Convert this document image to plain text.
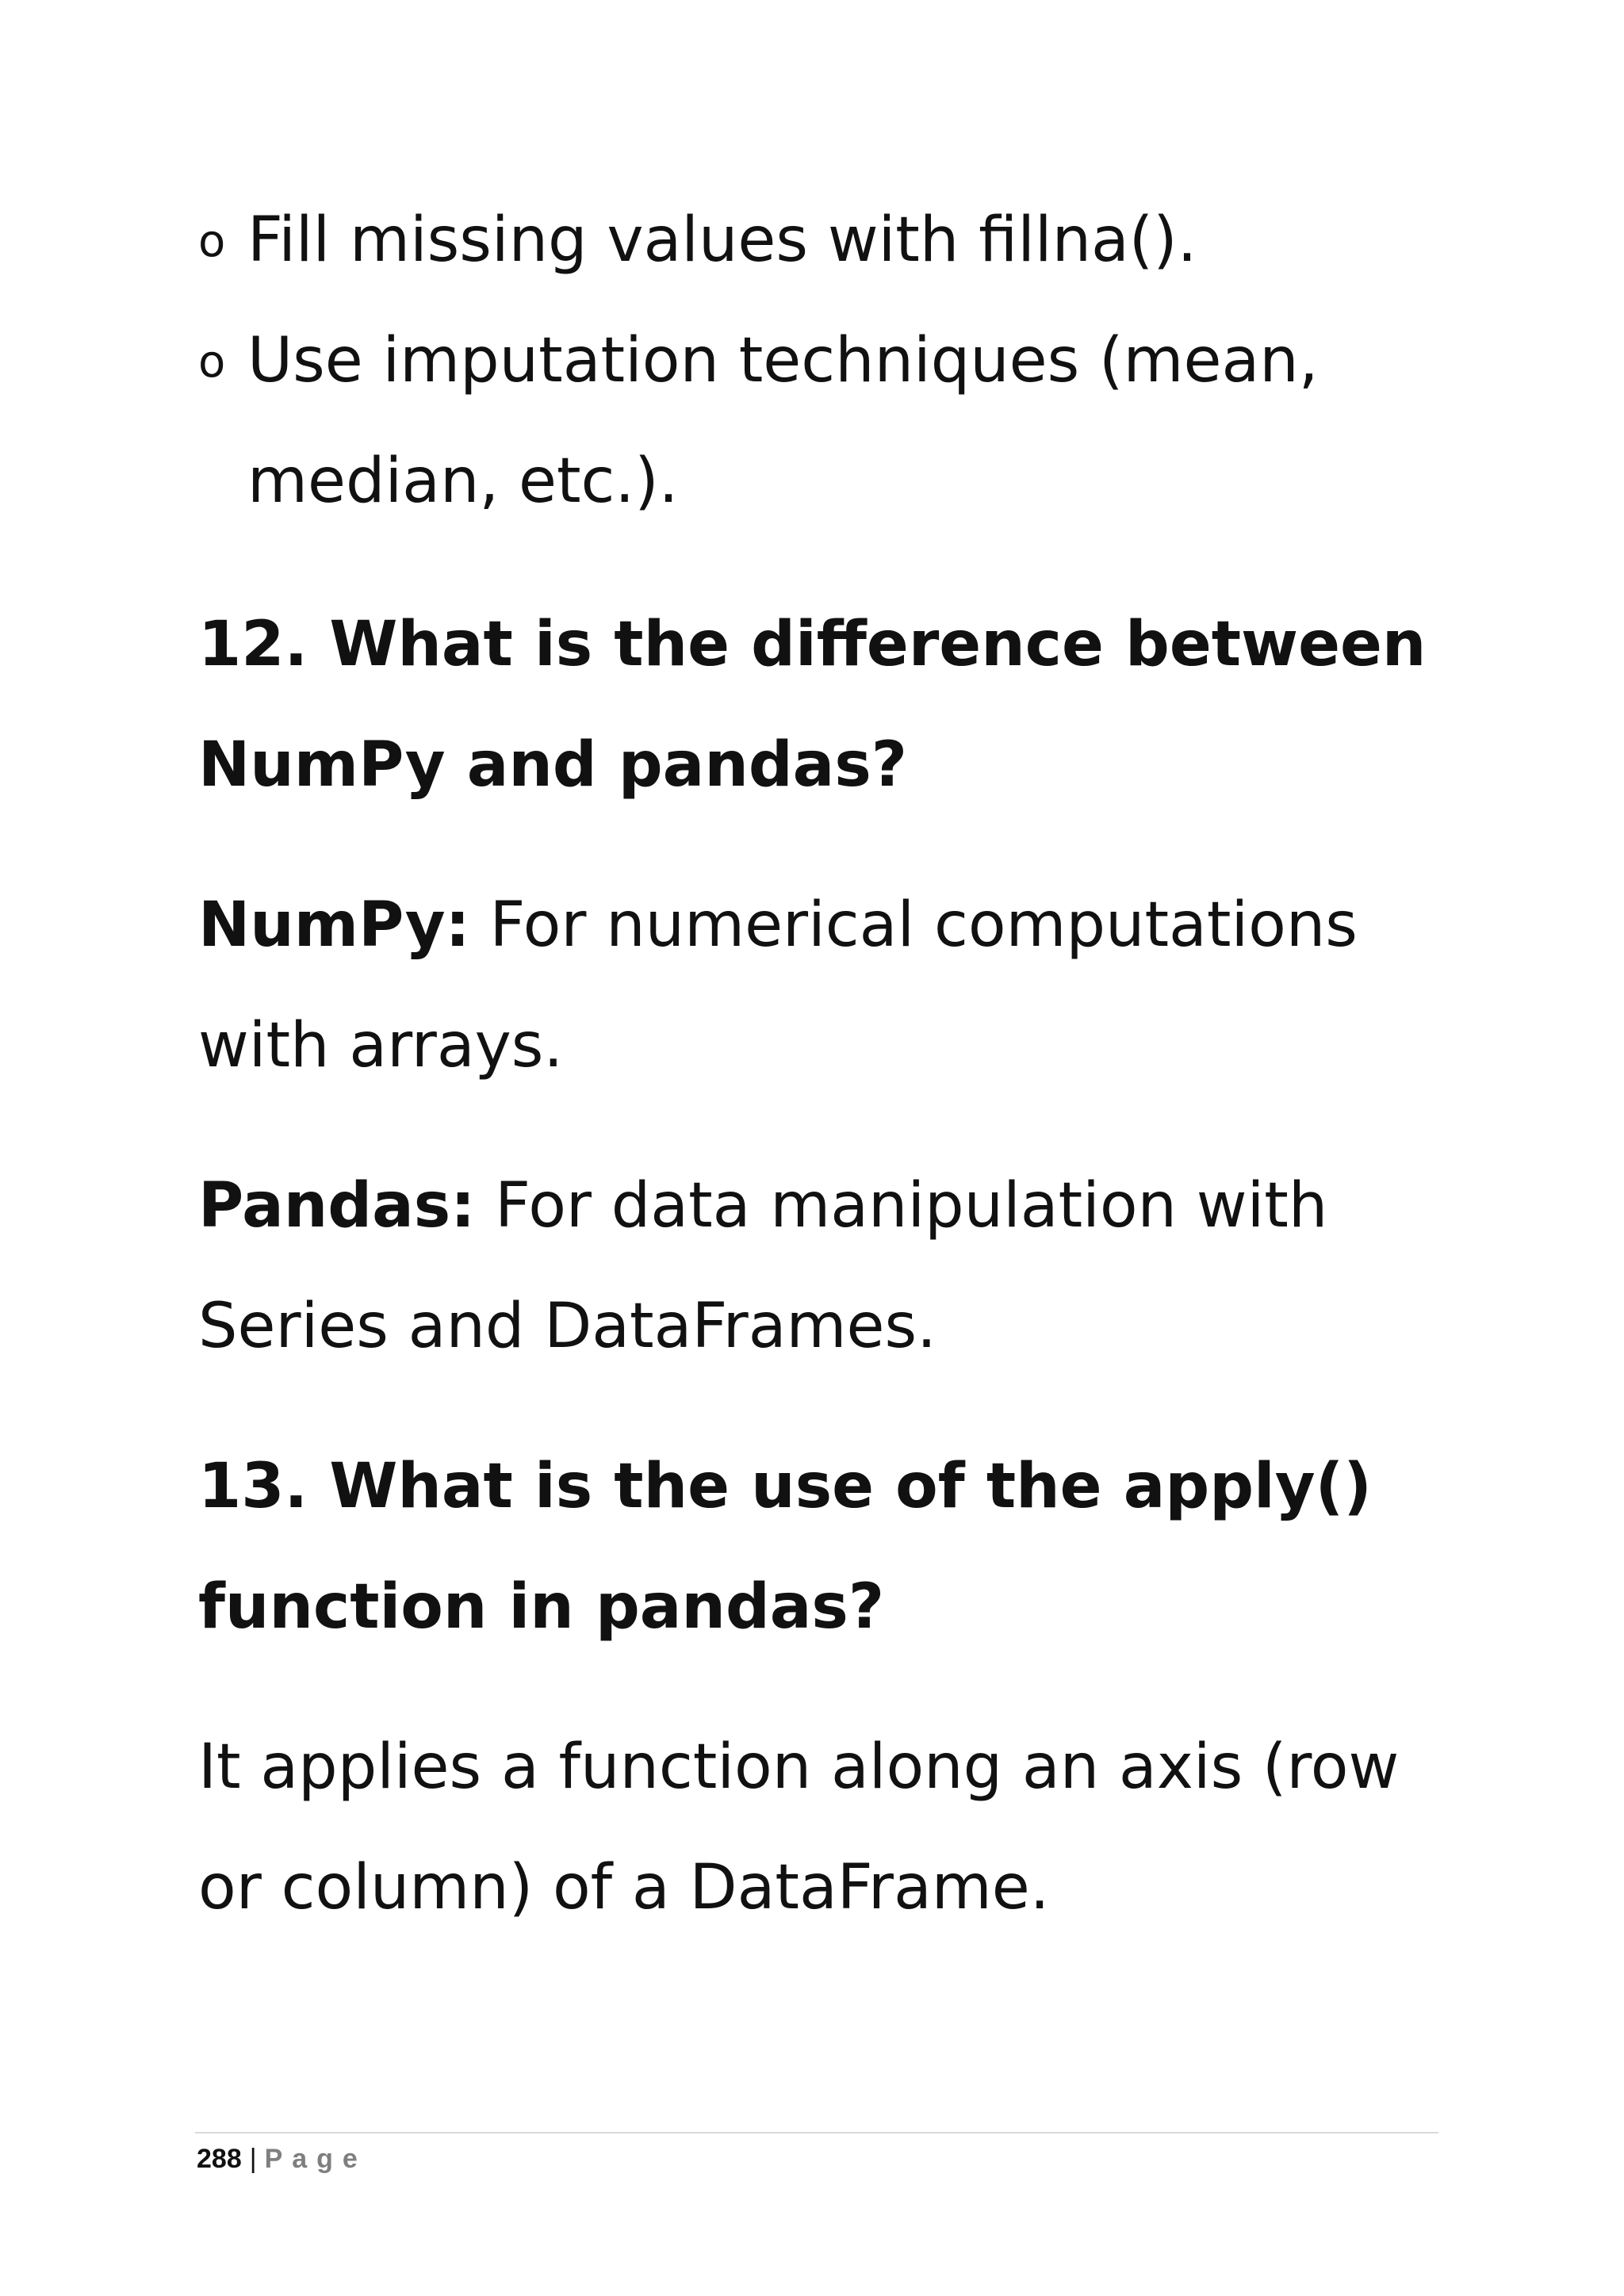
o Fill missing values with fillna().
o Use imputation techniques (mean,
median, etc.).
12. What is the difference between
NumPy and pandas?
NumPy: For numerical computations
with arrays.
Pandas: For data manipulation with
Series and DataFrames.
13. What is the use of the apply()
function in pandas?
It applies a function along an axis (row
or column) of a DataFrame.
288 | Page
